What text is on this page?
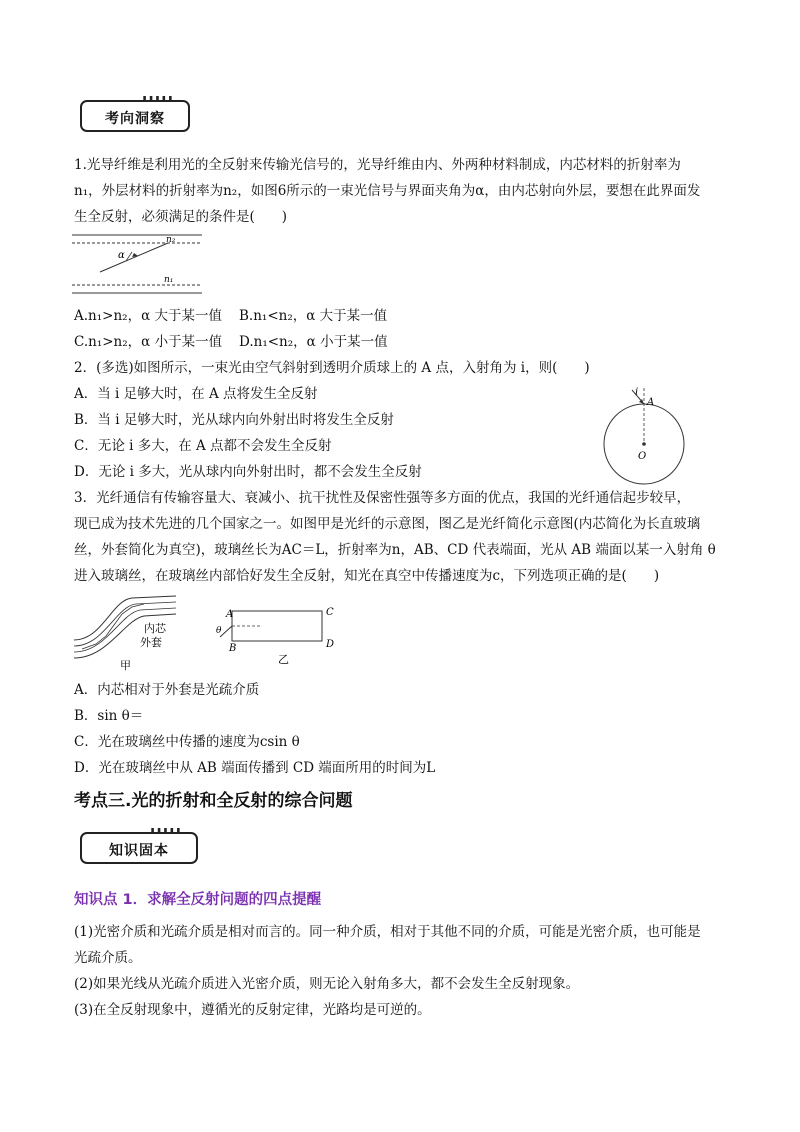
▮▮▮▮▮
考向洞察
1.光导纤维是利用光的全反射来传输光信号的，光导纤维由内、外两种材料制成，内芯材料的折射率为
n₁，外层材料的折射率为n₂，如图6所示的一束光信号与界面夹角为α，由内芯射向外层，要想在此界面发
生全反射，必须满足的条件是(　　)
α
n₂
n₁
A.n₁>n₂，α 大于某一值 B.n₁<n₂，α 大于某一值
C.n₁>n₂，α 小于某一值 D.n₁<n₂，α 小于某一值
2．(多选)如图所示，一束光由空气斜射到透明介质球上的 A 点，入射角为 i，则(　　)
A．当 i 足够大时，在 A 点将发生全反射
B．当 i 足够大时，光从球内向外射出时将发生全反射
C．无论 i 多大，在 A 点都不会发生全反射
D．无论 i 多大，光从球内向外射出时，都不会发生全反射
i
A
O
3．光纤通信有传输容量大、衰减小、抗干扰性及保密性强等多方面的优点，我国的光纤通信起步较早，
现已成为技术先进的几个国家之一。如图甲是光纤的示意图，图乙是光纤简化示意图(内芯简化为长直玻璃
丝，外套简化为真空)，玻璃丝长为AC＝L，折射率为n，AB、CD 代表端面，光从 AB 端面以某一入射角 θ
进入玻璃丝，在玻璃丝内部恰好发生全反射，知光在真空中传播速度为c，下列选项正确的是(　　)
内芯
外套
甲
A
B
C
D
θ
乙
A．内芯相对于外套是光疏介质
B．sin θ＝
C．光在玻璃丝中传播的速度为csin θ
D．光在玻璃丝中从 AB 端面传播到 CD 端面所用的时间为L
考点三.光的折射和全反射的综合问题
▮▮▮▮▮
知识固本
知识点 1．求解全反射问题的四点提醒
(1)光密介质和光疏介质是相对而言的。同一种介质，相对于其他不同的介质，可能是光密介质，也可能是
光疏介质。
(2)如果光线从光疏介质进入光密介质，则无论入射角多大，都不会发生全反射现象。
(3)在全反射现象中，遵循光的反射定律，光路均是可逆的。
